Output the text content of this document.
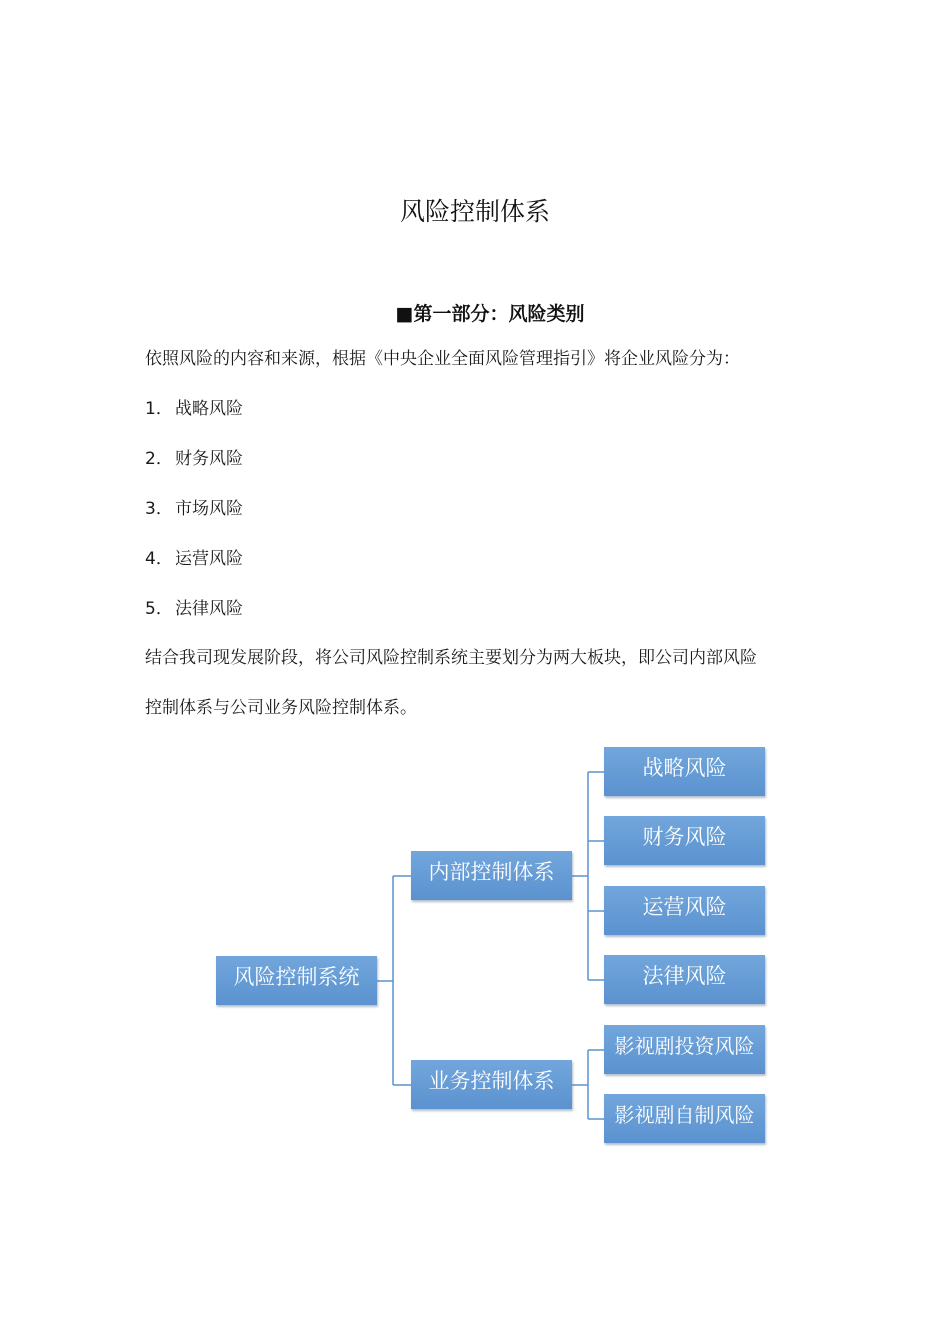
风险控制体系
■第一部分：风险类别
依照风险的内容和来源，根据《中央企业全面风险管理指引》将企业风险分为：
1． 战略风险
2． 财务风险
3． 市场风险
4． 运营风险
5． 法律风险
结合我司现发展阶段，将公司风险控制系统主要划分为两大板块，即公司内部风险
控制体系与公司业务风险控制体系。
风险控制系统
内部控制体系
业务控制体系
战略风险
财务风险
运营风险
法律风险
影视剧投资风险
影视剧自制风险
